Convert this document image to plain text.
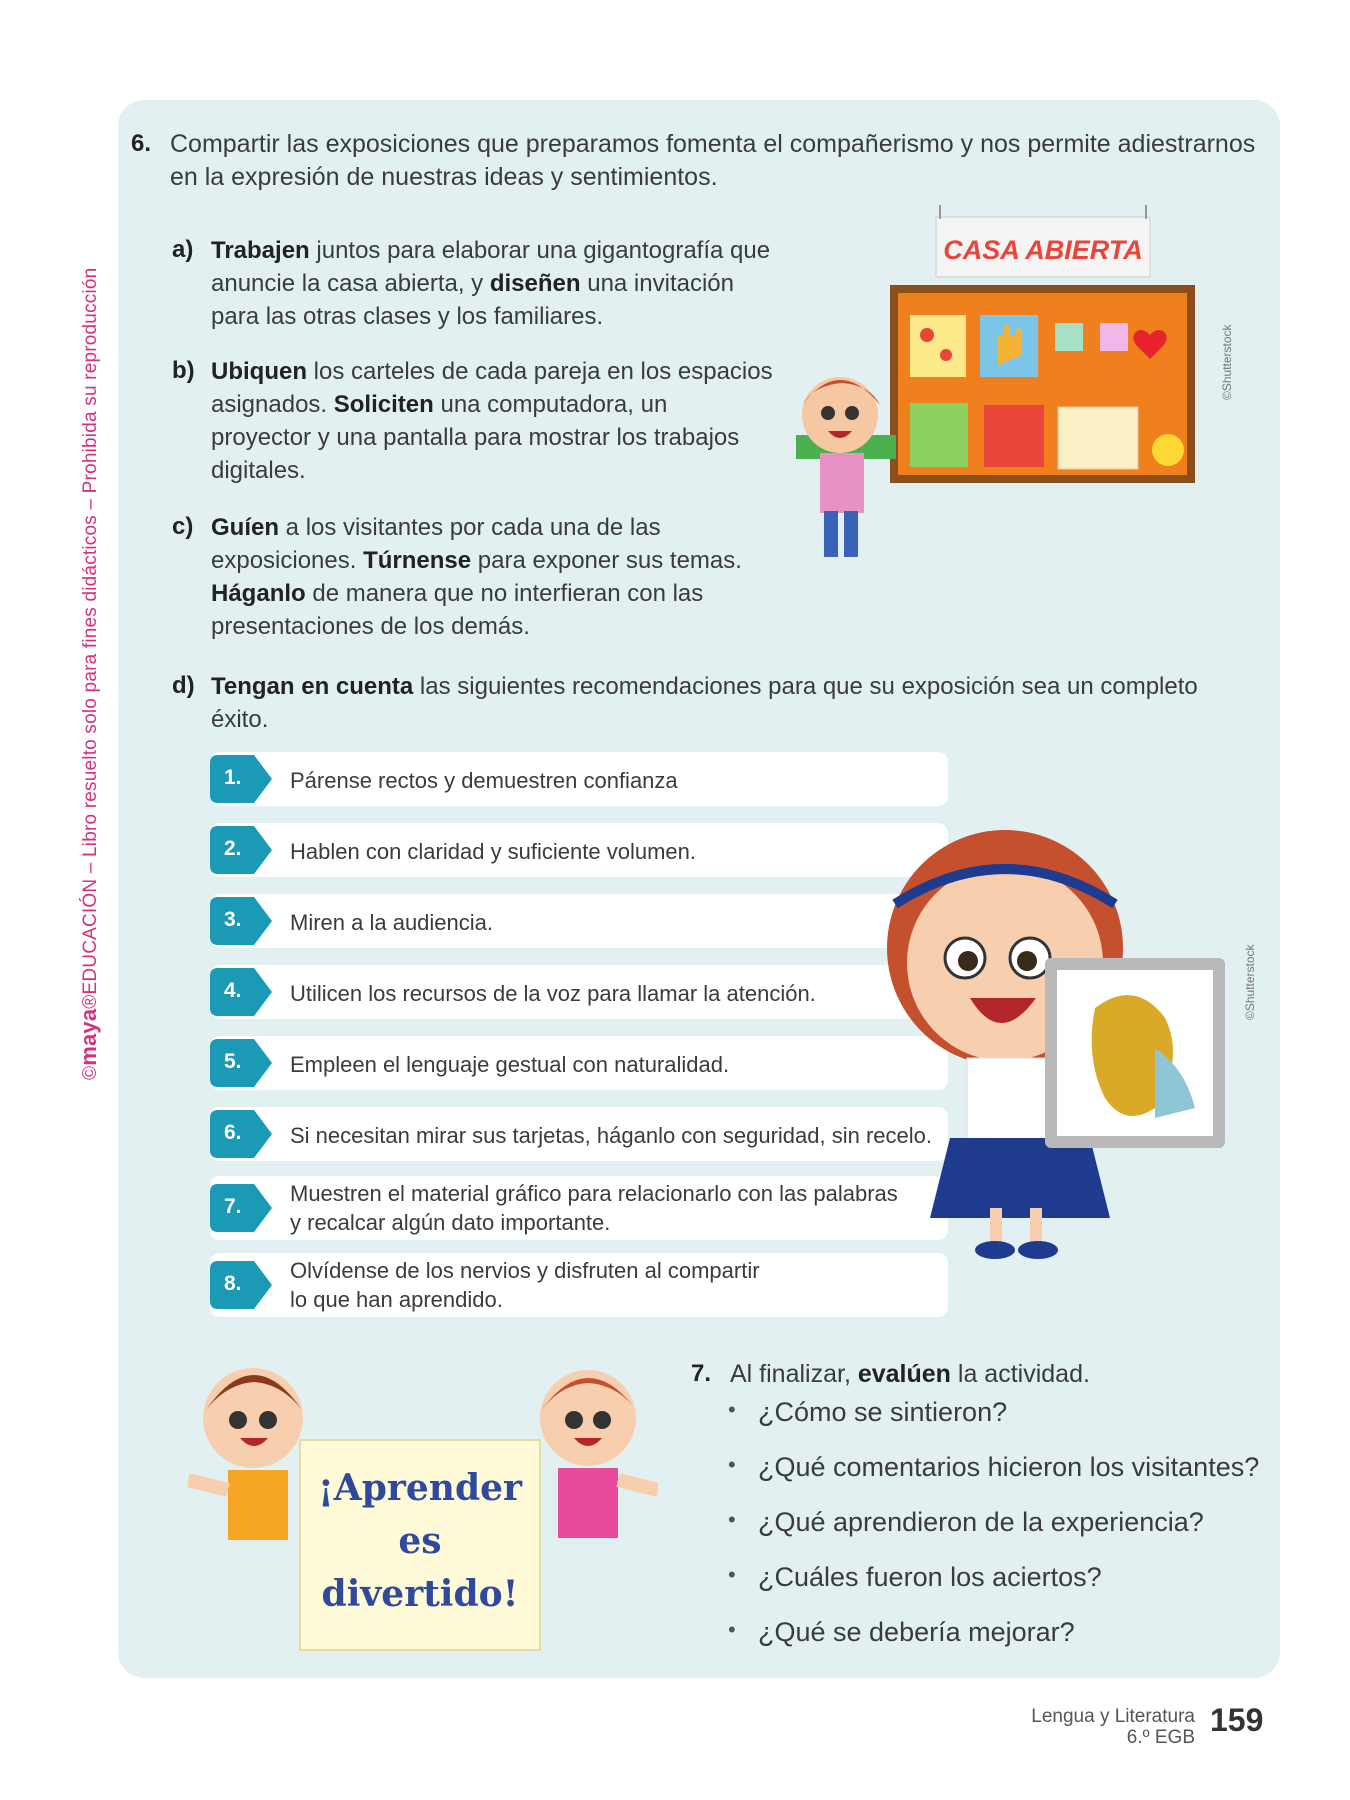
©maya®EDUCACIÓN – Libro resuelto solo para fines didácticos – Prohibida su reproducción
6. Compartir las exposiciones que preparamos fomenta el compañerismo y nos permite adiestrarnos
en la expresión de nuestras ideas y sentimientos.
a) Trabajen juntos para elaborar una gigantografía que
anuncie la casa abierta, y diseñen una invitación
para las otras clases y los familiares.
b) Ubiquen los carteles de cada pareja en los espacios
asignados. Soliciten una computadora, un
proyector y una pantalla para mostrar los trabajos
digitales.
c) Guíen a los visitantes por cada una de las
exposiciones. Túrnense para exponer sus temas.
Háganlo de manera que no interfieran con las
presentaciones de los demás.
d) Tengan en cuenta las siguientes recomendaciones para que su exposición sea un completo
éxito.
CASA ABIERTA
©Shutterstock
1. Párense rectos y demuestren confianza
2. Hablen con claridad y suficiente volumen.
3. Miren a la audiencia.
4. Utilicen los recursos de la voz para llamar la atención.
5. Empleen el lenguaje gestual con naturalidad.
6. Si necesitan mirar sus tarjetas, háganlo con seguridad, sin recelo.
7.
Muestren el material gráfico para relacionarlo con las palabras
y recalcar algún dato importante.
8.
Olvídense de los nervios y disfruten al compartir
lo que han aprendido.
©Shutterstock
¡Aprender
es
divertido!
7. Al finalizar, evalúen la actividad.
• ¿Cómo se sintieron?
• ¿Qué comentarios hicieron los visitantes?
• ¿Qué aprendieron de la experiencia?
• ¿Cuáles fueron los aciertos?
• ¿Qué se debería mejorar?
Lengua y Literatura
6.º EGB 159
